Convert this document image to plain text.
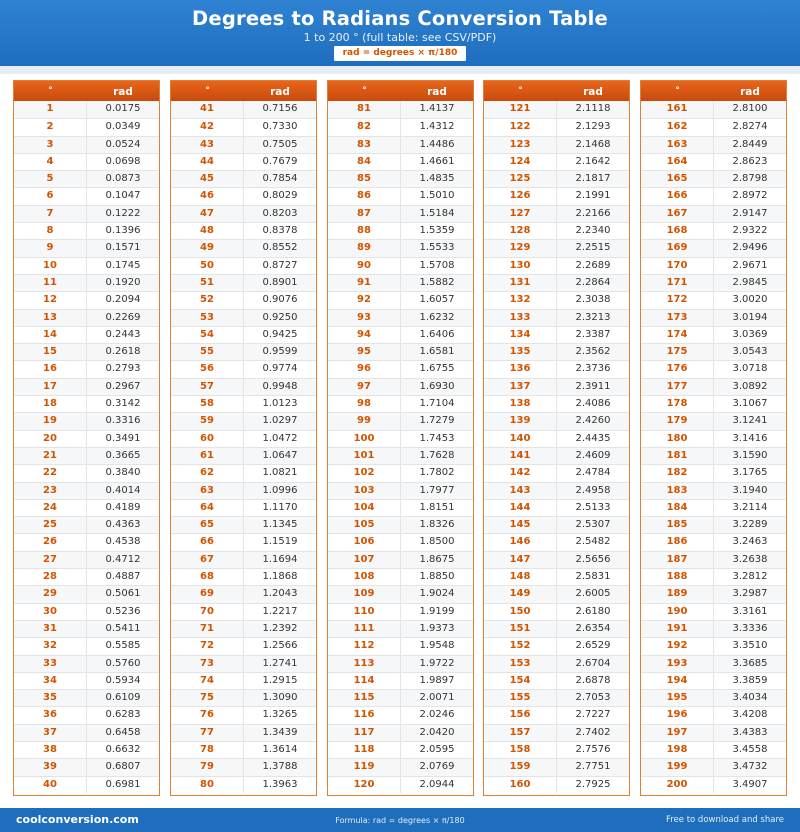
Degrees to Radians Conversion Table
1 to 200 ° (full table: see CSV/PDF)
rad = degrees × π/180
°	rad
1	0.0175
2	0.0349
3	0.0524
4	0.0698
5	0.0873
6	0.1047
7	0.1222
8	0.1396
9	0.1571
10	0.1745
11	0.1920
12	0.2094
13	0.2269
14	0.2443
15	0.2618
16	0.2793
17	0.2967
18	0.3142
19	0.3316
20	0.3491
21	0.3665
22	0.3840
23	0.4014
24	0.4189
25	0.4363
26	0.4538
27	0.4712
28	0.4887
29	0.5061
30	0.5236
31	0.5411
32	0.5585
33	0.5760
34	0.5934
35	0.6109
36	0.6283
37	0.6458
38	0.6632
39	0.6807
40	0.6981
°	rad
41	0.7156
42	0.7330
43	0.7505
44	0.7679
45	0.7854
46	0.8029
47	0.8203
48	0.8378
49	0.8552
50	0.8727
51	0.8901
52	0.9076
53	0.9250
54	0.9425
55	0.9599
56	0.9774
57	0.9948
58	1.0123
59	1.0297
60	1.0472
61	1.0647
62	1.0821
63	1.0996
64	1.1170
65	1.1345
66	1.1519
67	1.1694
68	1.1868
69	1.2043
70	1.2217
71	1.2392
72	1.2566
73	1.2741
74	1.2915
75	1.3090
76	1.3265
77	1.3439
78	1.3614
79	1.3788
80	1.3963
°	rad
81	1.4137
82	1.4312
83	1.4486
84	1.4661
85	1.4835
86	1.5010
87	1.5184
88	1.5359
89	1.5533
90	1.5708
91	1.5882
92	1.6057
93	1.6232
94	1.6406
95	1.6581
96	1.6755
97	1.6930
98	1.7104
99	1.7279
100	1.7453
101	1.7628
102	1.7802
103	1.7977
104	1.8151
105	1.8326
106	1.8500
107	1.8675
108	1.8850
109	1.9024
110	1.9199
111	1.9373
112	1.9548
113	1.9722
114	1.9897
115	2.0071
116	2.0246
117	2.0420
118	2.0595
119	2.0769
120	2.0944
°	rad
121	2.1118
122	2.1293
123	2.1468
124	2.1642
125	2.1817
126	2.1991
127	2.2166
128	2.2340
129	2.2515
130	2.2689
131	2.2864
132	2.3038
133	2.3213
134	2.3387
135	2.3562
136	2.3736
137	2.3911
138	2.4086
139	2.4260
140	2.4435
141	2.4609
142	2.4784
143	2.4958
144	2.5133
145	2.5307
146	2.5482
147	2.5656
148	2.5831
149	2.6005
150	2.6180
151	2.6354
152	2.6529
153	2.6704
154	2.6878
155	2.7053
156	2.7227
157	2.7402
158	2.7576
159	2.7751
160	2.7925
°	rad
161	2.8100
162	2.8274
163	2.8449
164	2.8623
165	2.8798
166	2.8972
167	2.9147
168	2.9322
169	2.9496
170	2.9671
171	2.9845
172	3.0020
173	3.0194
174	3.0369
175	3.0543
176	3.0718
177	3.0892
178	3.1067
179	3.1241
180	3.1416
181	3.1590
182	3.1765
183	3.1940
184	3.2114
185	3.2289
186	3.2463
187	3.2638
188	3.2812
189	3.2987
190	3.3161
191	3.3336
192	3.3510
193	3.3685
194	3.3859
195	3.4034
196	3.4208
197	3.4383
198	3.4558
199	3.4732
200	3.4907
coolconversion.com	Formula: rad = degrees × π/180	Free to download and share
